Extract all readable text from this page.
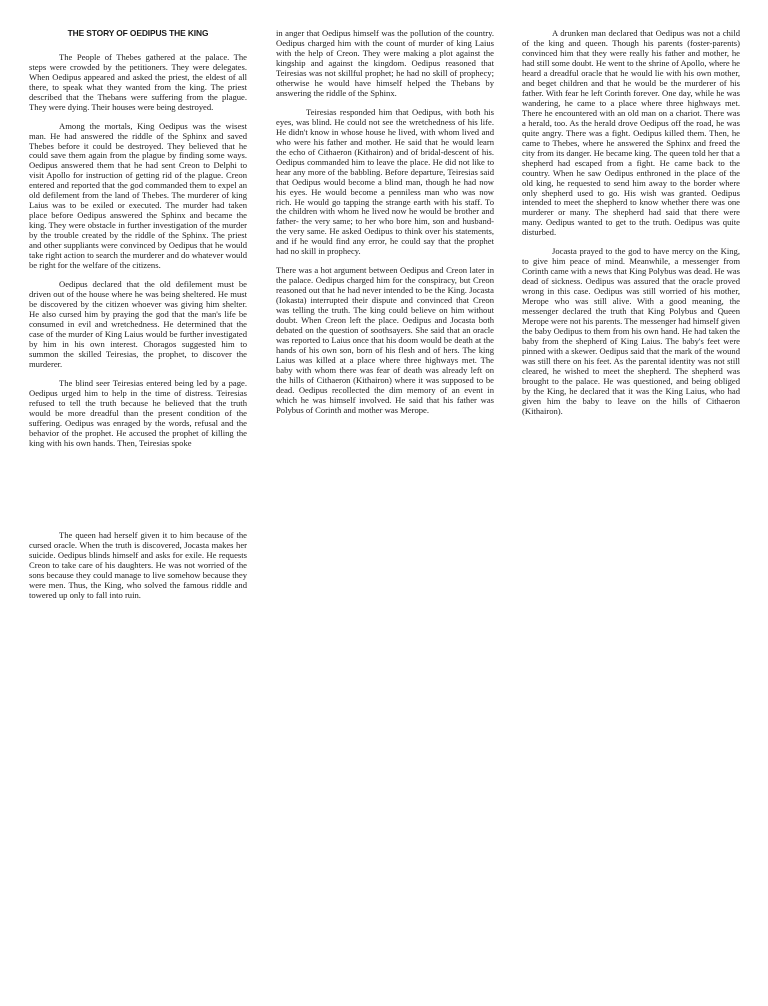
THE STORY OF OEDIPUS THE KING

The People of Thebes gathered at the palace. The steps were crowded by the petitioners. They were delegates. When Oedipus appeared and asked the priest, the eldest of all there, to speak what they wanted from the king. The priest described that the Thebans were suffering from the plague. They were dying. Their houses were being destroyed.

Among the mortals, King Oedipus was the wisest man. He had answered the riddle of the Sphinx and saved Thebes before it could be destroyed. They believed that he could save them again from the plague by finding some ways. Oedipus answered them that he had sent Creon to Delphi to visit Apollo for instruction of getting rid of the plague. Creon entered and reported that the god commanded them to expel an old defilement from the land of Thebes. The murderer of king Laius was to be exiled or executed. The murder had taken place before Oedipus answered the Sphinx and became the king. They were obstacle in further investigation of the murder by the trouble created by the riddle of the Sphinx. The priest and other suppliants were convinced by Oedipus that he would take right action to search the murderer and do whatever would be right for the welfare of the citizens.

Oedipus declared that the old defilement must be driven out of the house where he was being sheltered. He must be discovered by the citizen whoever was giving him shelter. He also cursed him by praying the god that the man's life be consumed in evil and wretchedness. He determined that the case of the murder of King Laius would be further investigated by him in his own interest. Choragos suggested him to summon the skilled Teiresias, the prophet, to discover the murderer.

The blind seer Teiresias entered being led by a page. Oedipus urged him to help in the time of distress. Teiresias refused to tell the truth because he believed that the truth would be more dreadful than the present condition of the suffering. Oedipus was enraged by the words, refusal and the behavior of the prophet. He accused the prophet of killing the king with his own hands. Then, Teiresias spoke

in anger that Oedipus himself was the pollution of the country. Oedipus charged him with the count of murder of king Laius with the help of Creon. They were making a plot against the kingship and against the kingdom. Oedipus reasoned that Teiresias was not skillful prophet; he had no skill of prophecy; otherwise he would have himself helped the Thebans by answering the riddle of the Sphinx.

Teiresias responded him that Oedipus, with both his eyes, was blind. He could not see the wretchedness of his life. He didn't know in whose house he lived, with whom lived and who were his father and mother. He said that he would learn the echo of Cithaeron (Kithairon) and of bridal-descent of his. Oedipus commanded him to leave the place. He did not like to hear any more of the babbling. Before departure, Teiresias said that Oedipus would become a blind man, though he had now his eyes. He would become a penniless man who was now rich. He would go tapping the strange earth with his staff. To the children with whom he lived now he would be brother and father- the very same; to her who bore him, son and husband- the very same. He asked Oedipus to think over his statements, and if he would find any error, he could say that the prophet had no skill in prophecy.

There was a hot argument between Oedipus and Creon later in the palace. Oedipus charged him for the conspiracy, but Creon reasoned out that he had never intended to be the King. Jocasta (Iokasta) interrupted their dispute and convinced that Creon was telling the truth. The king could believe on him without doubt. When Creon left the place. Oedipus and Jocasta both debated on the question of soothsayers. She said that an oracle was reported to Laius once that his doom would be death at the hands of his own son, born of his flesh and of hers. The king Laius was killed at a place where three highways met. The baby with whom there was fear of death was already left on the hills of Cithaeron (Kithairon) where it was supposed to be dead. Oedipus recollected the dim memory of an event in which he was himself involved. He said that his father was Polybus of Corinth and mother was Merope.

A drunken man declared that Oedipus was not a child of the king and queen. Though his parents (foster-parents) convinced him that they were really his father and mother, he had still some doubt. He went to the shrine of Apollo, where he heard a dreadful oracle that he would lie with his own mother, and beget children and that he would be the murderer of his father. With fear he left Corinth forever. One day, while he was wandering, he came to a place where three highways met. There he encountered with an old man on a chariot. There was a herald, too. As the herald drove Oedipus off the road, he was quite angry. There was a fight. Oedipus killed them. Then, he came to Thebes, where he answered the Sphinx and freed the city from its danger. He became king. The queen told her that a shepherd had escaped from a fight. He came back to the country. When he saw Oedipus enthroned in the place of the old king, he requested to send him away to the border where only shepherd used to go. His wish was granted. Oedipus intended to meet the shepherd to know whether there was one murderer or many. The shepherd had said that there were many. Oedipus wanted to get to the truth. Oedipus was quite disturbed.

Jocasta prayed to the god to have mercy on the King, to give him peace of mind. Meanwhile, a messenger from Corinth came with a news that King Polybus was dead. He was dead of sickness. Oedipus was assured that the oracle proved wrong in this case. Oedipus was still worried of his mother, Merope who was still alive. With a good meaning, the messenger declared the truth that King Polybus and Queen Merope were not his parents. The messenger had himself given the baby Oedipus to them from his own hand. He had taken the baby from the shepherd of King Laius. The baby's feet were pinned with a skewer. Oedipus said that the mark of the wound was still there on his feet. As the parental identity was not still cleared, he wished to meet the shepherd. The shepherd was brought to the palace. He was questioned, and being obliged by the King, he declared that it was the King Laius, who had given him the baby to leave on the hills of Cithaeron (Kithairon).

The queen had herself given it to him because of the cursed oracle. When the truth is discovered, Jocasta makes her suicide. Oedipus blinds himself and asks for exile. He requests Creon to take care of his daughters. He was not worried of the sons because they could manage to live somehow because they were men. Thus, the King, who solved the famous riddle and towered up only to fall into ruin.
